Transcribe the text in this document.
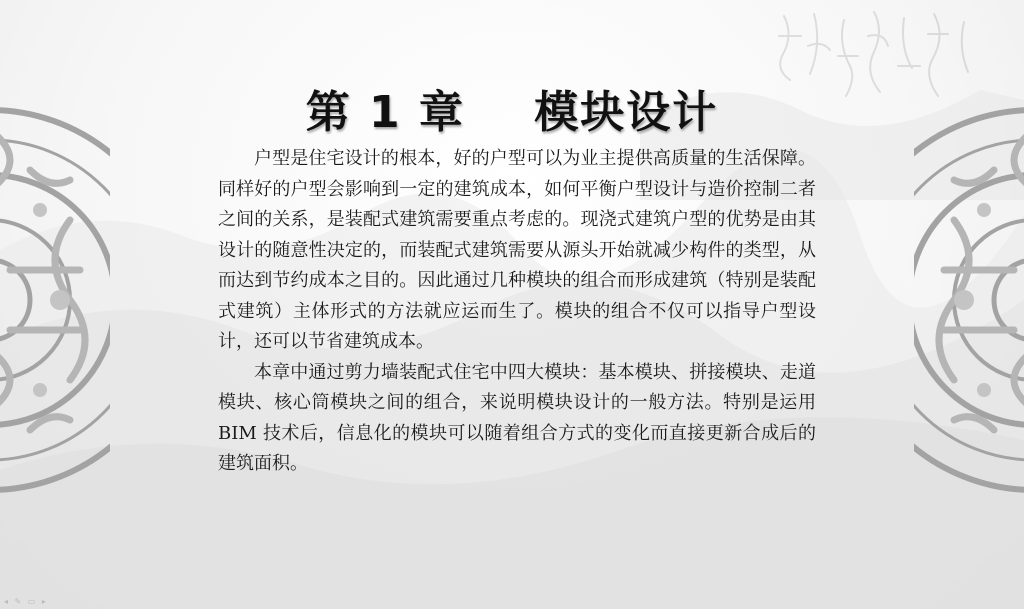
第 1 章    模块设计

户型是住宅设计的根本，好的户型可以为业主提供高质量的生活保障。同样好的户型会影响到一定的建筑成本，如何平衡户型设计与造价控制二者之间的关系，是装配式建筑需要重点考虑的。现浇式建筑户型的优势是由其设计的随意性决定的，而装配式建筑需要从源头开始就减少构件的类型，从而达到节约成本之目的。因此通过几种模块的组合而形成建筑（特别是装配式建筑）主体形式的方法就应运而生了。模块的组合不仅可以指导户型设计，还可以节省建筑成本。

本章中通过剪力墙装配式住宅中四大模块：基本模块、拼接模块、走道模块、核心筒模块之间的组合，来说明模块设计的一般方法。特别是运用 BIM 技术后，信息化的模块可以随着组合方式的变化而直接更新合成后的建筑面积。

◂ ✎ ▭ ▸
